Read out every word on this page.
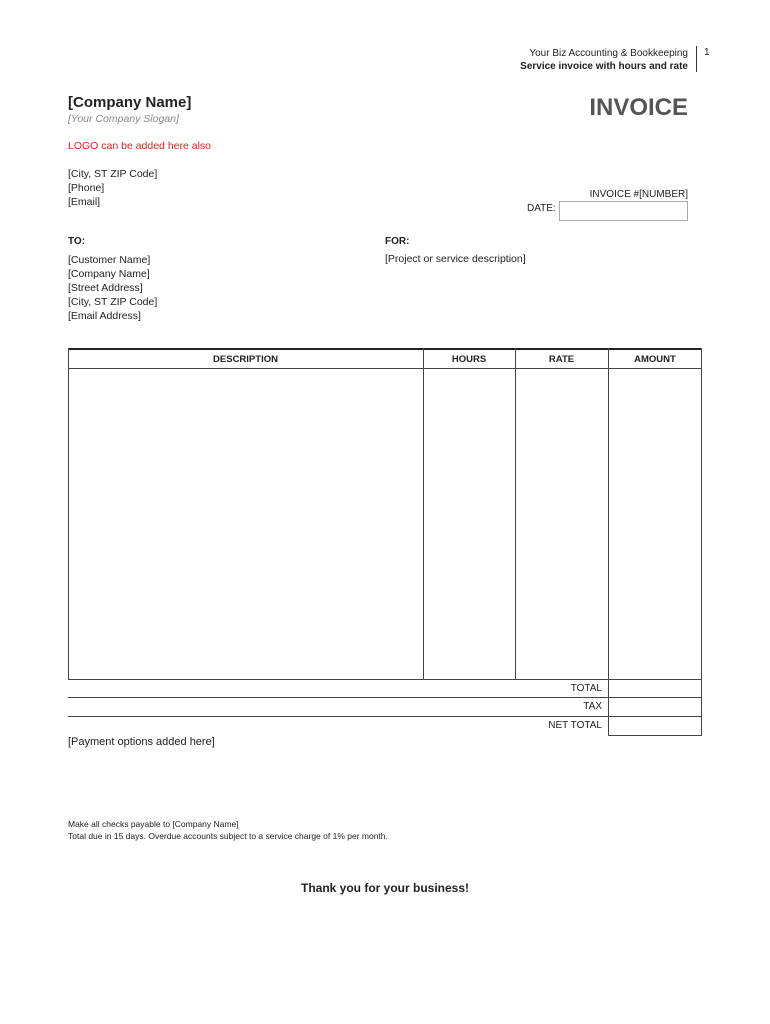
Your Biz Accounting & Bookkeeping
Service invoice with hours and rate
1
[Company Name]
[Your Company Slogan]	INVOICE
LOGO can be added here also
[City, ST ZIP Code]
[Phone]
[Email]
INVOICE #[NUMBER]
DATE:
TO:	FOR:
[Customer Name]
[Company Name]
[Street Address]
[City, ST ZIP Code]
[Email Address]
[Project or service description]
DESCRIPTION	HOURS	RATE	AMOUNT
TOTAL
TAX
NET TOTAL
[Payment options added here]
Make all checks payable to [Company Name]
Total due in 15 days. Overdue accounts subject to a service charge of 1% per month.
Thank you for your business!
